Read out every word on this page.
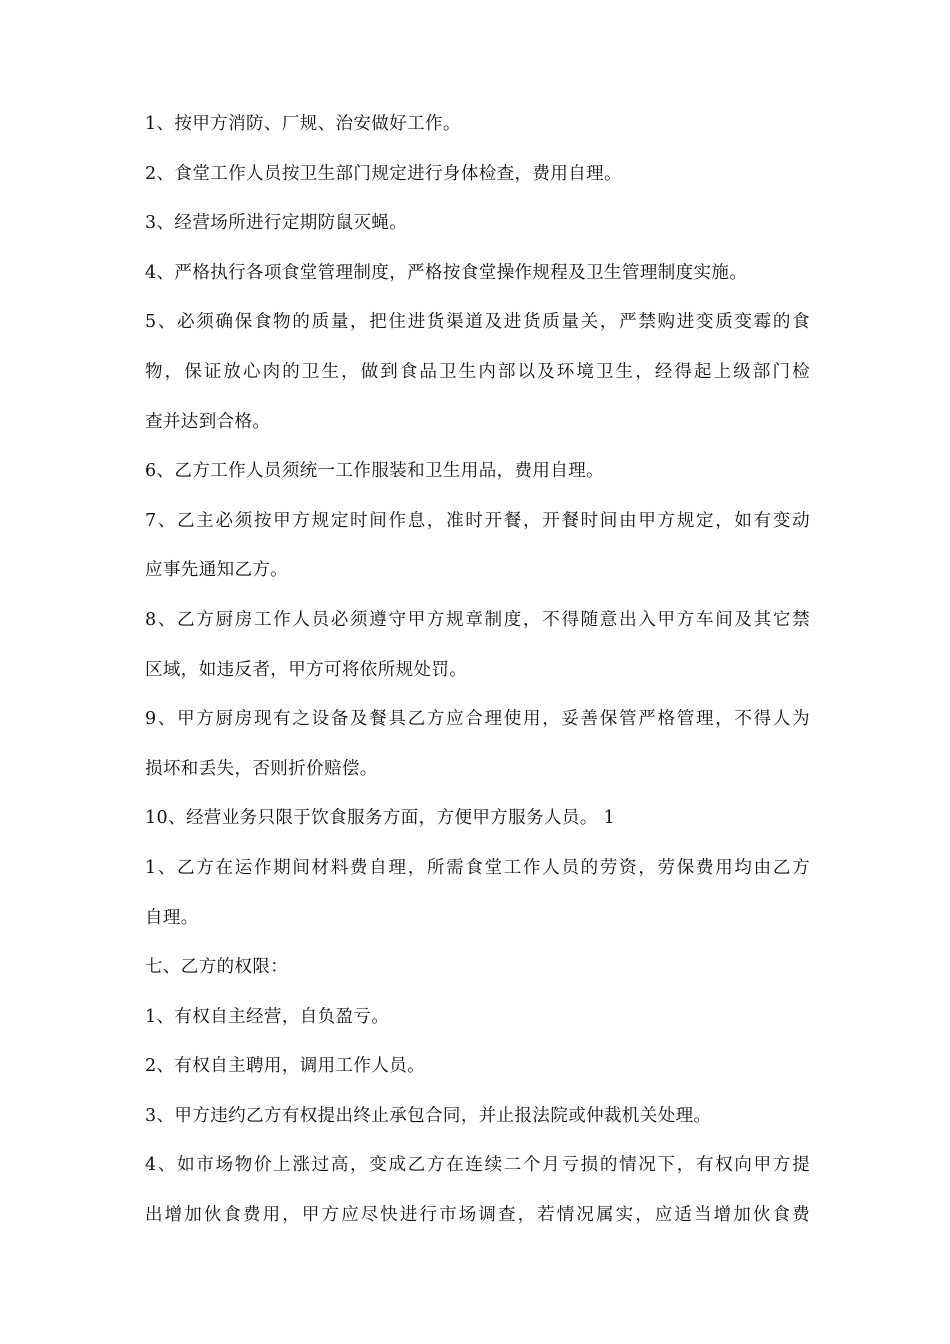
1、按甲方消防、厂规、治安做好工作。
2、食堂工作人员按卫生部门规定进行身体检查，费用自理。
3、经营场所进行定期防鼠灭蝇。
4、严格执行各项食堂管理制度，严格按食堂操作规程及卫生管理制度实施。
5、必须确保食物的质量，把住进货渠道及进货质量关，严禁购进变质变霉的食
物，保证放心肉的卫生，做到食品卫生内部以及环境卫生，经得起上级部门检
查并达到合格。
6、乙方工作人员须统一工作服装和卫生用品，费用自理。
7、乙主必须按甲方规定时间作息，准时开餐，开餐时间由甲方规定，如有变动
应事先通知乙方。
8、乙方厨房工作人员必须遵守甲方规章制度，不得随意出入甲方车间及其它禁
区域，如违反者，甲方可将依所规处罚。
9、甲方厨房现有之设备及餐具乙方应合理使用，妥善保管严格管理，不得人为
损坏和丢失，否则折价赔偿。
10、经营业务只限于饮食服务方面，方便甲方服务人员。 1
1、乙方在运作期间材料费自理，所需食堂工作人员的劳资，劳保费用均由乙方
自理。
七、乙方的权限：
1、有权自主经营，自负盈亏。
2、有权自主聘用，调用工作人员。
3、甲方违约乙方有权提出终止承包合同，并止报法院或仲裁机关处理。
4、如市场物价上涨过高，变成乙方在连续二个月亏损的情况下，有权向甲方提
出增加伙食费用，甲方应尽快进行市场调查，若情况属实，应适当增加伙食费
